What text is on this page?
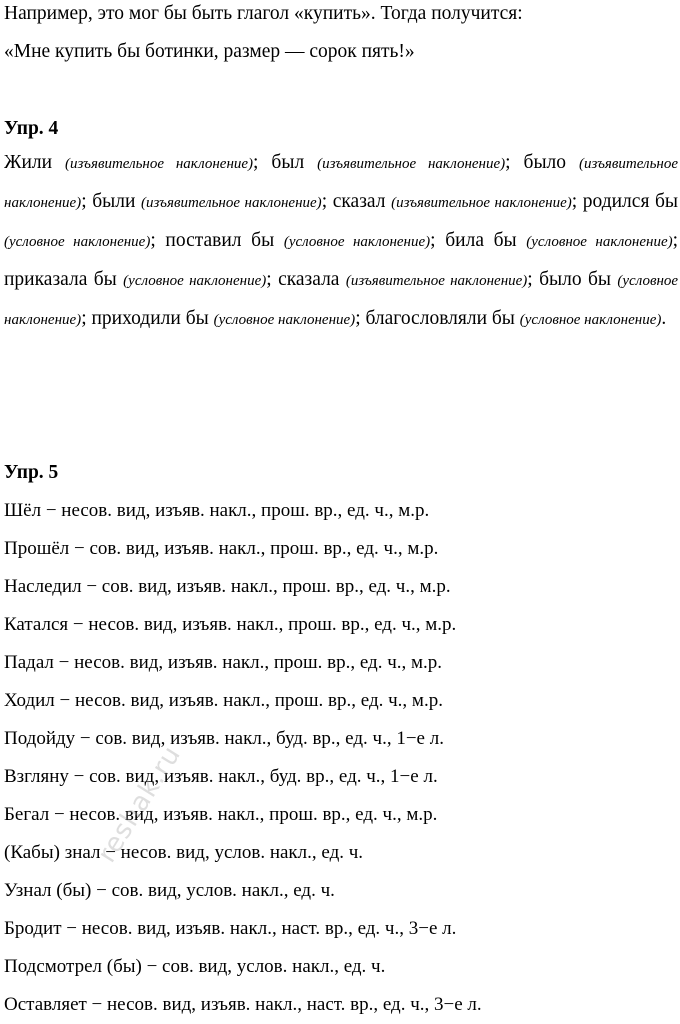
Например, это мог бы быть глагол «купить». Тогда получится:
«Мне купить бы ботинки, размер — сорок пять!»
Упр. 4
Жили (изъявительное наклонение); был (изъявительное наклонение); было (изъявительное наклонение); были (изъявительное наклонение); сказал (изъявительное наклонение); родился бы (условное наклонение); поставил бы (условное наклонение); била бы (условное наклонение); приказала бы (условное наклонение); сказала (изъявительное наклонение); было бы (условное наклонение); приходили бы (условное наклонение); благословляли бы (условное наклонение).
Упр. 5
Шёл − несов. вид, изъяв. накл., прош. вр., ед. ч., м.р.
Прошёл − сов. вид, изъяв. накл., прош. вр., ед. ч., м.р.
Наследил − сов. вид, изъяв. накл., прош. вр., ед. ч., м.р.
Катался − несов. вид, изъяв. накл., прош. вр., ед. ч., м.р.
Падал − несов. вид, изъяв. накл., прош. вр., ед. ч., м.р.
Ходил − несов. вид, изъяв. накл., прош. вр., ед. ч., м.р.
Подойду − сов. вид, изъяв. накл., буд. вр., ед. ч., 1−е л.
Взгляну − сов. вид, изъяв. накл., буд. вр., ед. ч., 1−е л.
Бегал − несов. вид, изъяв. накл., прош. вр., ед. ч., м.р.
(Кабы) знал − несов. вид, услов. накл., ед. ч.
Узнал (бы) − сов. вид, услов. накл., ед. ч.
Бродит − несов. вид, изъяв. накл., наст. вр., ед. ч., 3−е л.
Подсмотрел (бы) − сов. вид, услов. накл., ед. ч.
Оставляет − несов. вид, изъяв. накл., наст. вр., ед. ч., 3−е л.
reshak.ru
